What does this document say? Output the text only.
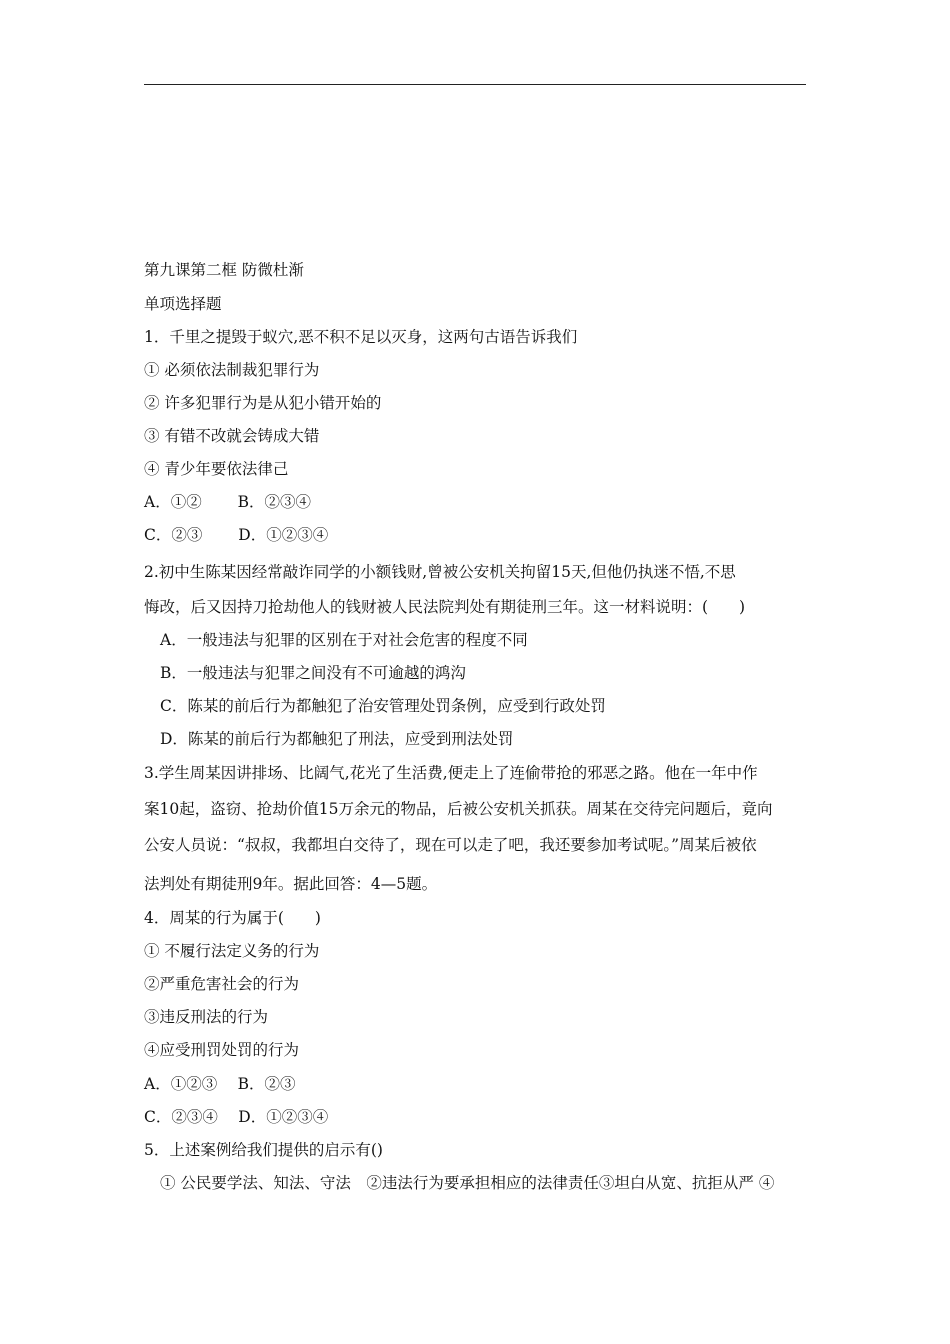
第九课第二框 防微杜渐
单项选择题
1．千里之提毁于蚁穴,恶不积不足以灭身，这两句古语告诉我们
① 必须依法制裁犯罪行为
② 许多犯罪行为是从犯小错开始的
③ 有错不改就会铸成大错
④ 青少年要依法律己
A．①②　　 B．②③④
C．②③　　 D．①②③④
2.初中生陈某因经常敲诈同学的小额钱财,曾被公安机关拘留15天,但他仍执迷不悟,不思
悔改，后又因持刀抢劫他人的钱财被人民法院判处有期徒刑三年。这一材料说明：(　　)
A．一般违法与犯罪的区别在于对社会危害的程度不同
B．一般违法与犯罪之间没有不可逾越的鸿沟
C．陈某的前后行为都触犯了治安管理处罚条例，应受到行政处罚
D．陈某的前后行为都触犯了刑法，应受到刑法处罚
3.学生周某因讲排场、比阔气,花光了生活费,便走上了连偷带抢的邪恶之路。他在一年中作
案10起，盗窃、抢劫价值15万余元的物品，后被公安机关抓获。周某在交待完问题后，竟向
公安人员说：“叔叔，我都坦白交待了，现在可以走了吧，我还要参加考试呢。”周某后被依
法判处有期徒刑9年。据此回答：4—5题。
4．周某的行为属于(　　)
① 不履行法定义务的行为
②严重危害社会的行为
③违反刑法的行为
④应受刑罚处罚的行为
A．①②③　 B．②③
C．②③④　 D．①②③④
5．上述案例给我们提供的启示有()
① 公民要学法、知法、守法　②违法行为要承担相应的法律责任③坦白从宽、抗拒从严 ④
